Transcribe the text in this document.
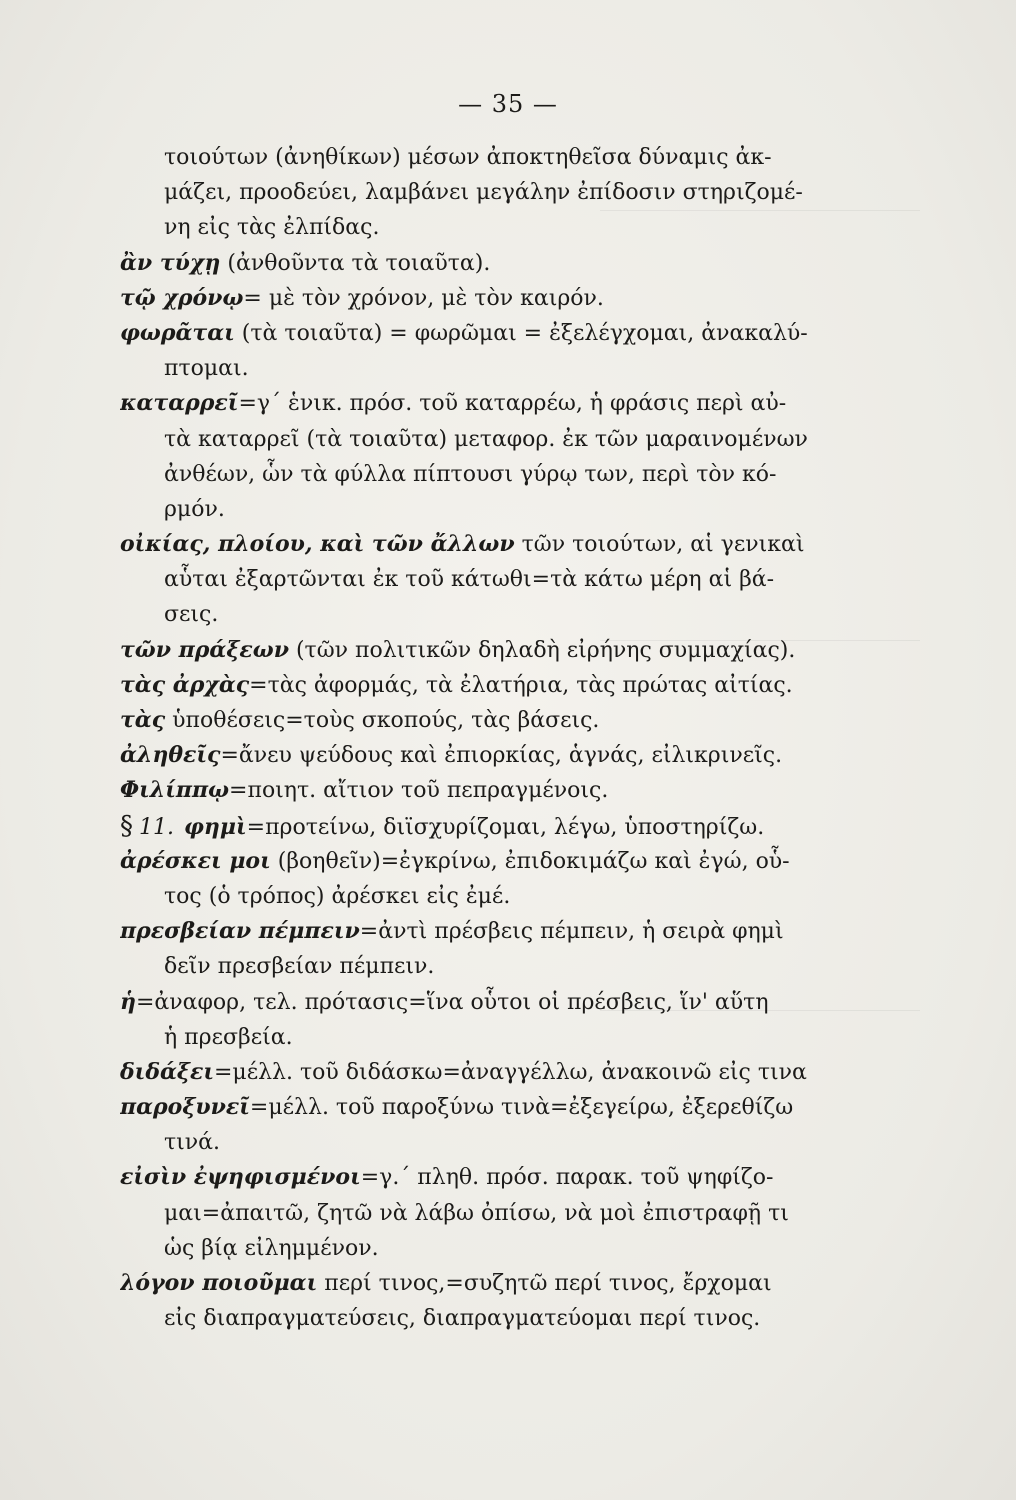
— 35 —
τοιούτων (ἀνηθίκων) μέσων ἀποκτηθεῖσα δύναμις ἀκ-
μάζει, προοδεύει, λαμβάνει μεγάλην ἐπίδοσιν στηριζομέ-
νη εἰς τὰς ἐλπίδας.
ἂν τύχῃ (ἀνθοῦντα τὰ τοιαῦτα).
τῷ χρόνῳ= μὲ τὸν χρόνον, μὲ τὸν καιρόν.
φωρᾶται (τὰ τοιαῦτα) = φωρῶμαι = ἐξελέγχομαι, ἀνακαλύ-
πτομαι.
καταρρεῖ=γ΄ ἑνικ. πρόσ. τοῦ καταρρέω, ἡ φράσις περὶ αὐ-
τὰ καταρρεῖ (τὰ τοιαῦτα) μεταφορ. ἐκ τῶν μαραινομένων
ἀνθέων, ὧν τὰ φύλλα πίπτουσι γύρῳ των, περὶ τὸν κό-
ρμόν.
οἰκίας, πλοίου, καὶ τῶν ἄλλων τῶν τοιούτων, αἱ γενικαὶ
αὗται ἐξαρτῶνται ἐκ τοῦ κάτωθι=τὰ κάτω μέρη αἱ βά-
σεις.
τῶν πράξεων (τῶν πολιτικῶν δηλαδὴ εἰρήνης συμμαχίας).
τὰς ἀρχὰς=τὰς ἀφορμάς, τὰ ἐλατήρια, τὰς πρώτας αἰτίας.
τὰς ὑποθέσεις=τοὺς σκοπούς, τὰς βάσεις.
ἀληθεῖς=ἄνευ ψεύδους καὶ ἐπιορκίας, ἁγνάς, εἰλικρινεῖς.
Φιλίππῳ=ποιητ. αἴτιον τοῦ πεπραγμένοις.
§ 11. φημὶ=προτείνω, διϊσχυρίζομαι, λέγω, ὑποστηρίζω.
ἀρέσκει μοι (βοηθεῖν)=ἐγκρίνω, ἐπιδοκιμάζω καὶ ἐγώ, οὗ-
τος (ὁ τρόπος) ἀρέσκει εἰς ἐμέ.
πρεσβείαν πέμπειν=ἀντὶ πρέσβεις πέμπειν, ἡ σειρὰ φημὶ
δεῖν πρεσβείαν πέμπειν.
ἡ=ἀναφορ, τελ. πρότασις=ἵνα οὗτοι οἱ πρέσβεις, ἵν' αὕτη
ἡ πρεσβεία.
διδάξει=μέλλ. τοῦ διδάσκω=ἀναγγέλλω, ἀνακοινῶ εἰς τινα
παροξυνεῖ=μέλλ. τοῦ παροξύνω τινὰ=ἐξεγείρω, ἐξερεθίζω
τινά.
εἰσὶν ἐψηφισμένοι=γ.΄ πληθ. πρόσ. παρακ. τοῦ ψηφίζο-
μαι=ἀπαιτῶ, ζητῶ νὰ λάβω ὀπίσω, νὰ μοὶ ἐπιστραφῇ τι
ὡς βίᾳ εἰλημμένον.
λόγον ποιοῦμαι περί τινος,=συζητῶ περί τινος, ἔρχομαι
εἰς διαπραγματεύσεις, διαπραγματεύομαι περί τινος.
